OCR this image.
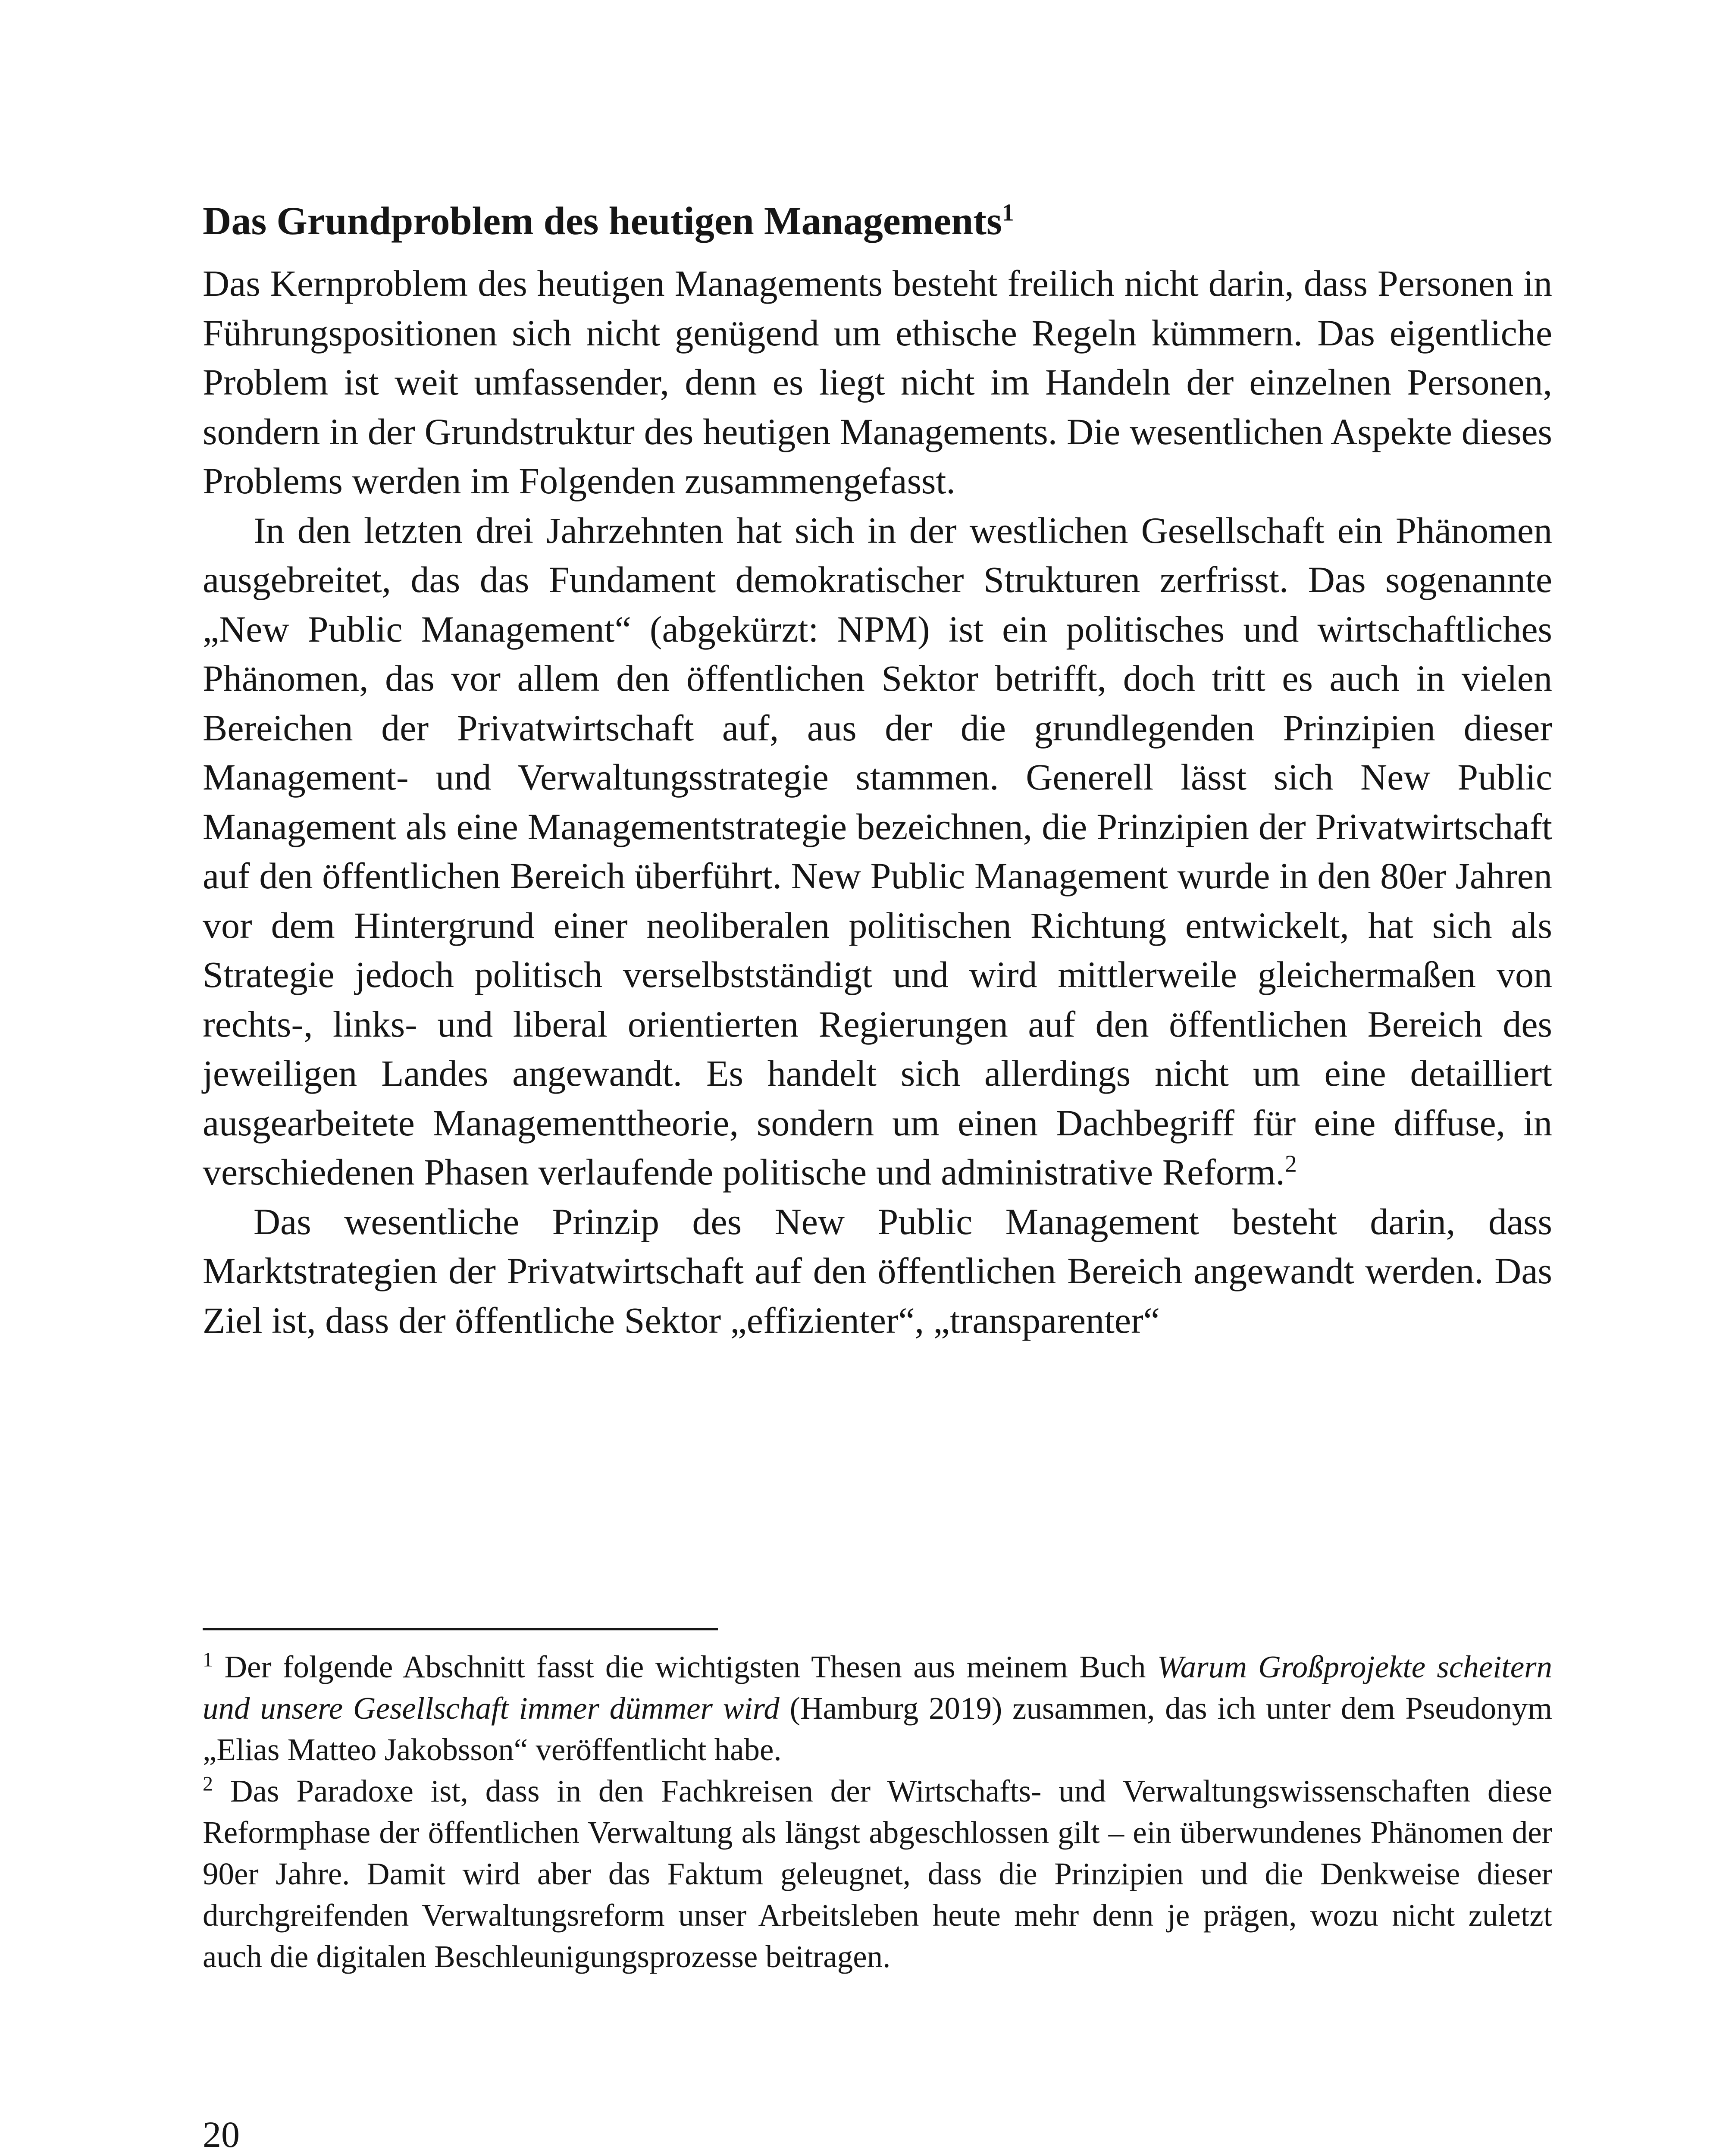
Das Grundproblem des heutigen Managements$^1$

Das Kernproblem des heutigen Managements besteht freilich nicht darin, dass Personen in Führungspositionen sich nicht genügend um ethische Regeln kümmern. Das eigentliche Problem ist weit umfassender, denn es liegt nicht im Handeln der einzelnen Personen, sondern in der Grundstruktur des heutigen Managements. Die wesentlichen Aspekte dieses Problems werden im Folgenden zusammengefasst.

In den letzten drei Jahrzehnten hat sich in der westlichen Gesellschaft ein Phänomen ausgebreitet, das das Fundament demokratischer Strukturen zerfrisst. Das sogenannte „New Public Management“ (abgekürzt: NPM) ist ein politisches und wirtschaftliches Phänomen, das vor allem den öffentlichen Sektor betrifft, doch tritt es auch in vielen Bereichen der Privatwirtschaft auf, aus der die grundlegenden Prinzipien dieser Management- und Verwaltungsstrategie stammen. Generell lässt sich New Public Management als eine Managementstrategie bezeichnen, die Prinzipien der Privatwirtschaft auf den öffentlichen Bereich überführt. New Public Management wurde in den 80er Jahren vor dem Hintergrund einer neoliberalen politischen Richtung entwickelt, hat sich als Strategie jedoch politisch verselbstständigt und wird mittlerweile gleichermaßen von rechts-, links- und liberal orientierten Regierungen auf den öffentlichen Bereich des jeweiligen Landes angewandt. Es handelt sich allerdings nicht um eine detailliert ausgearbeitete Managementtheorie, sondern um einen Dachbegriff für eine diffuse, in verschiedenen Phasen verlaufende politische und administrative Reform.$^2$

Das wesentliche Prinzip des New Public Management besteht darin, dass Marktstrategien der Privatwirtschaft auf den öffentlichen Bereich angewandt werden. Das Ziel ist, dass der öffentliche Sektor „effizienter“, „transparenter“

$^1$ Der folgende Abschnitt fasst die wichtigsten Thesen aus meinem Buch Warum Großprojekte scheitern und unsere Gesellschaft immer dümmer wird (Hamburg 2019) zusammen, das ich unter dem Pseudonym „Elias Matteo Jakobsson“ veröffentlicht habe.

$^2$ Das Paradoxe ist, dass in den Fachkreisen der Wirtschafts- und Verwaltungswissenschaften diese Reformphase der öffentlichen Verwaltung als längst abgeschlossen gilt – ein überwundenes Phänomen der 90er Jahre. Damit wird aber das Faktum geleugnet, dass die Prinzipien und die Denkweise dieser durchgreifenden Verwaltungsreform unser Arbeitsleben heute mehr denn je prägen, wozu nicht zuletzt auch die digitalen Beschleunigungsprozesse beitragen.

20
